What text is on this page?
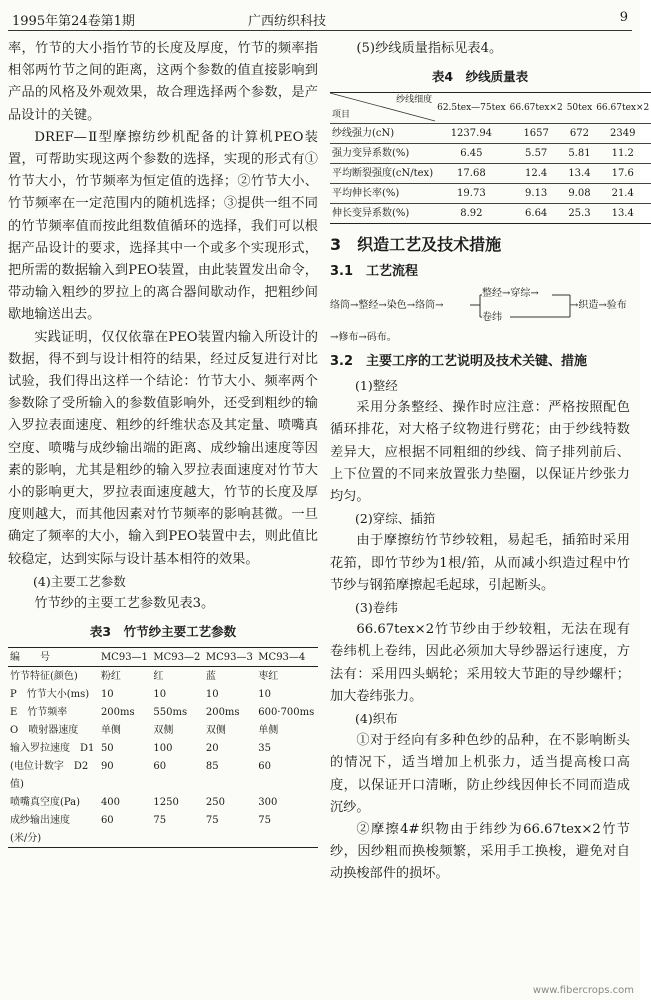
1995年第24卷第1期	广西纺织科技	9

率，竹节的大小指竹节的长度及厚度，竹节的频率指相邻两竹节之间的距离，这两个参数的值直接影响到产品的风格及外观效果，故合理选择两个参数，是产品设计的关键。

DREF—Ⅱ型摩擦纺纱机配备的计算机PEO装置，可帮助实现这两个参数的选择，实现的形式有①竹节大小，竹节频率为恒定值的选择；②竹节大小、竹节频率在一定范围内的随机选择；③提供一组不同的竹节频率值而按此组数值循环的选择，我们可以根据产品设计的要求，选择其中一个或多个实现形式，把所需的数据输入到PEO装置，由此装置发出命令，带动输入粗纱的罗拉上的离合器间歇动作，把粗纱间歇地输送出去。

实践证明，仅仅依靠在PEO装置内输入所设计的数据，得不到与设计相符的结果，经过反复进行对比试验，我们得出这样一个结论：竹节大小、频率两个参数除了受所输入的参数值影响外，还受到粗纱的输入罗拉表面速度、粗纱的纤维状态及其定量、喷嘴真空度、喷嘴与成纱输出端的距离、成纱输出速度等因素的影响，尤其是粗纱的输入罗拉表面速度对竹节大小的影响更大，罗拉表面速度越大，竹节的长度及厚度则越大，而其他因素对竹节频率的影响甚微。一旦确定了频率的大小，输入到PEO装置中去，则此值比较稳定，达到实际与设计基本相符的效果。

(4)主要工艺参数

竹节纱的主要工艺参数见表3。

表3　竹节纱主要工艺参数
编　　号	MC93—1	MC93—2	MC93—3	MC93—4
竹节特征(颜色)	粉红	红	蓝	枣红
P　竹节大小(ms)	10	10	10	10
E　竹节频率	200ms	550ms	200ms	600·700ms
O　喷射器速度	单侧	双侧	双侧	单侧
输入罗拉速度　D1	50	100	20	35
(电位计数字　D2	90	60	85	60
值)				
喷嘴真空度(Pa)	400	1250	250	300
成纱输出速度	60	75	75	75
(米/分)				

(5)纱线质量指标见表4。

表4　纱线质量表
纱线细度
项目	62.5tex—75tex	66.67tex×2	50tex	66.67tex×2
纱线强力(cN)	1237.94	1657	672	2349
强力变异系数(%)	6.45	5.57	5.81	11.2
平均断裂强度(cN/tex)	17.68	12.4	13.4	17.6
平均伸长率(%)	19.73	9.13	9.08	21.4
伸长变异系数(%)	8.92	6.64	25.3	13.4
3　织造工艺及技术措施
3.1　工艺流程
络筒→整经→染色→络筒→
整经→穿综→
卷纬
→织造→验布
→修布→码布。
3.2　主要工序的工艺说明及技术关键、措施

(1)整经

采用分条整经、操作时应注意：严格按照配色循环排花，对大格子纹物进行劈花；由于纱线特数差异大，应根据不同粗细的纱线、筒子排列前后、上下位置的不同来放置张力垫圈，以保证片纱张力均匀。

(2)穿综、插筘

由于摩擦纺竹节纱较粗，易起毛，插筘时采用花筘，即竹节纱为1根/筘，从而减小织造过程中竹节纱与钢筘摩擦起毛起球，引起断头。

(3)卷纬

66.67tex×2竹节纱由于纱较粗，无法在现有卷纬机上卷纬，因此必须加大导纱器运行速度，方法有：采用四头蜗轮；采用较大节距的导纱螺杆；加大卷纬张力。

(4)织布

①对于经向有多种色纱的品种，在不影响断头的情况下，适当增加上机张力，适当提高梭口高度，以保证开口清晰，防止纱线因伸长不同而造成沉纱。

②摩擦4#织物由于纬纱为66.67tex×2竹节纱，因纱粗而换梭频繁，采用手工换梭，避免对自动换梭部件的损坏。

www.fibercrops.com
